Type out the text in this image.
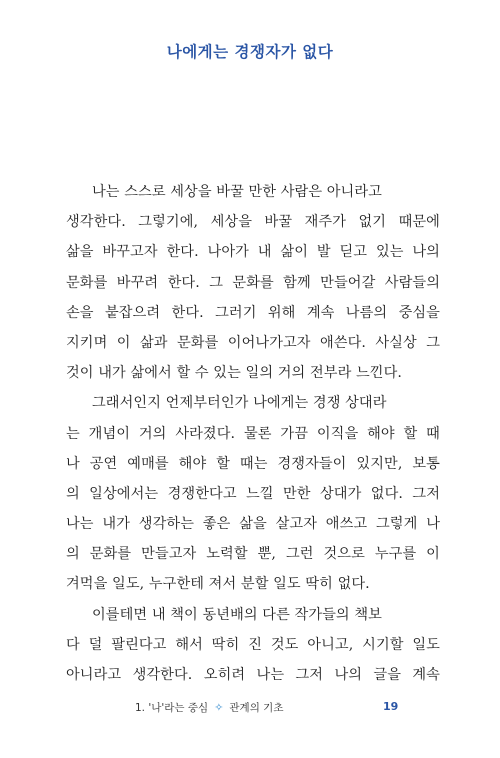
나에게는 경쟁자가 없다
나는 스스로 세상을 바꿀 만한 사람은 아니라고
생각한다. 그렇기에, 세상을 바꿀 재주가 없기 때문에
삶을 바꾸고자 한다. 나아가 내 삶이 발 딛고 있는 나의
문화를 바꾸려 한다. 그 문화를 함께 만들어갈 사람들의
손을 붙잡으려 한다. 그러기 위해 계속 나름의 중심을
지키며 이 삶과 문화를 이어나가고자 애쓴다. 사실상 그
것이 내가 삶에서 할 수 있는 일의 거의 전부라 느낀다.
그래서인지 언제부터인가 나에게는 경쟁 상대라
는 개념이 거의 사라졌다. 물론 가끔 이직을 해야 할 때
나 공연 예매를 해야 할 때는 경쟁자들이 있지만, 보통
의 일상에서는 경쟁한다고 느낄 만한 상대가 없다. 그저
나는 내가 생각하는 좋은 삶을 살고자 애쓰고 그렇게 나
의 문화를 만들고자 노력할 뿐, 그런 것으로 누구를 이
겨먹을 일도, 누구한테 져서 분할 일도 딱히 없다.
이를테면 내 책이 동년배의 다른 작가들의 책보
다 덜 팔린다고 해서 딱히 진 것도 아니고, 시기할 일도
아니라고 생각한다. 오히려 나는 그저 나의 글을 계속
1. '나'라는 중심 ✧ 관계의 기초	19
